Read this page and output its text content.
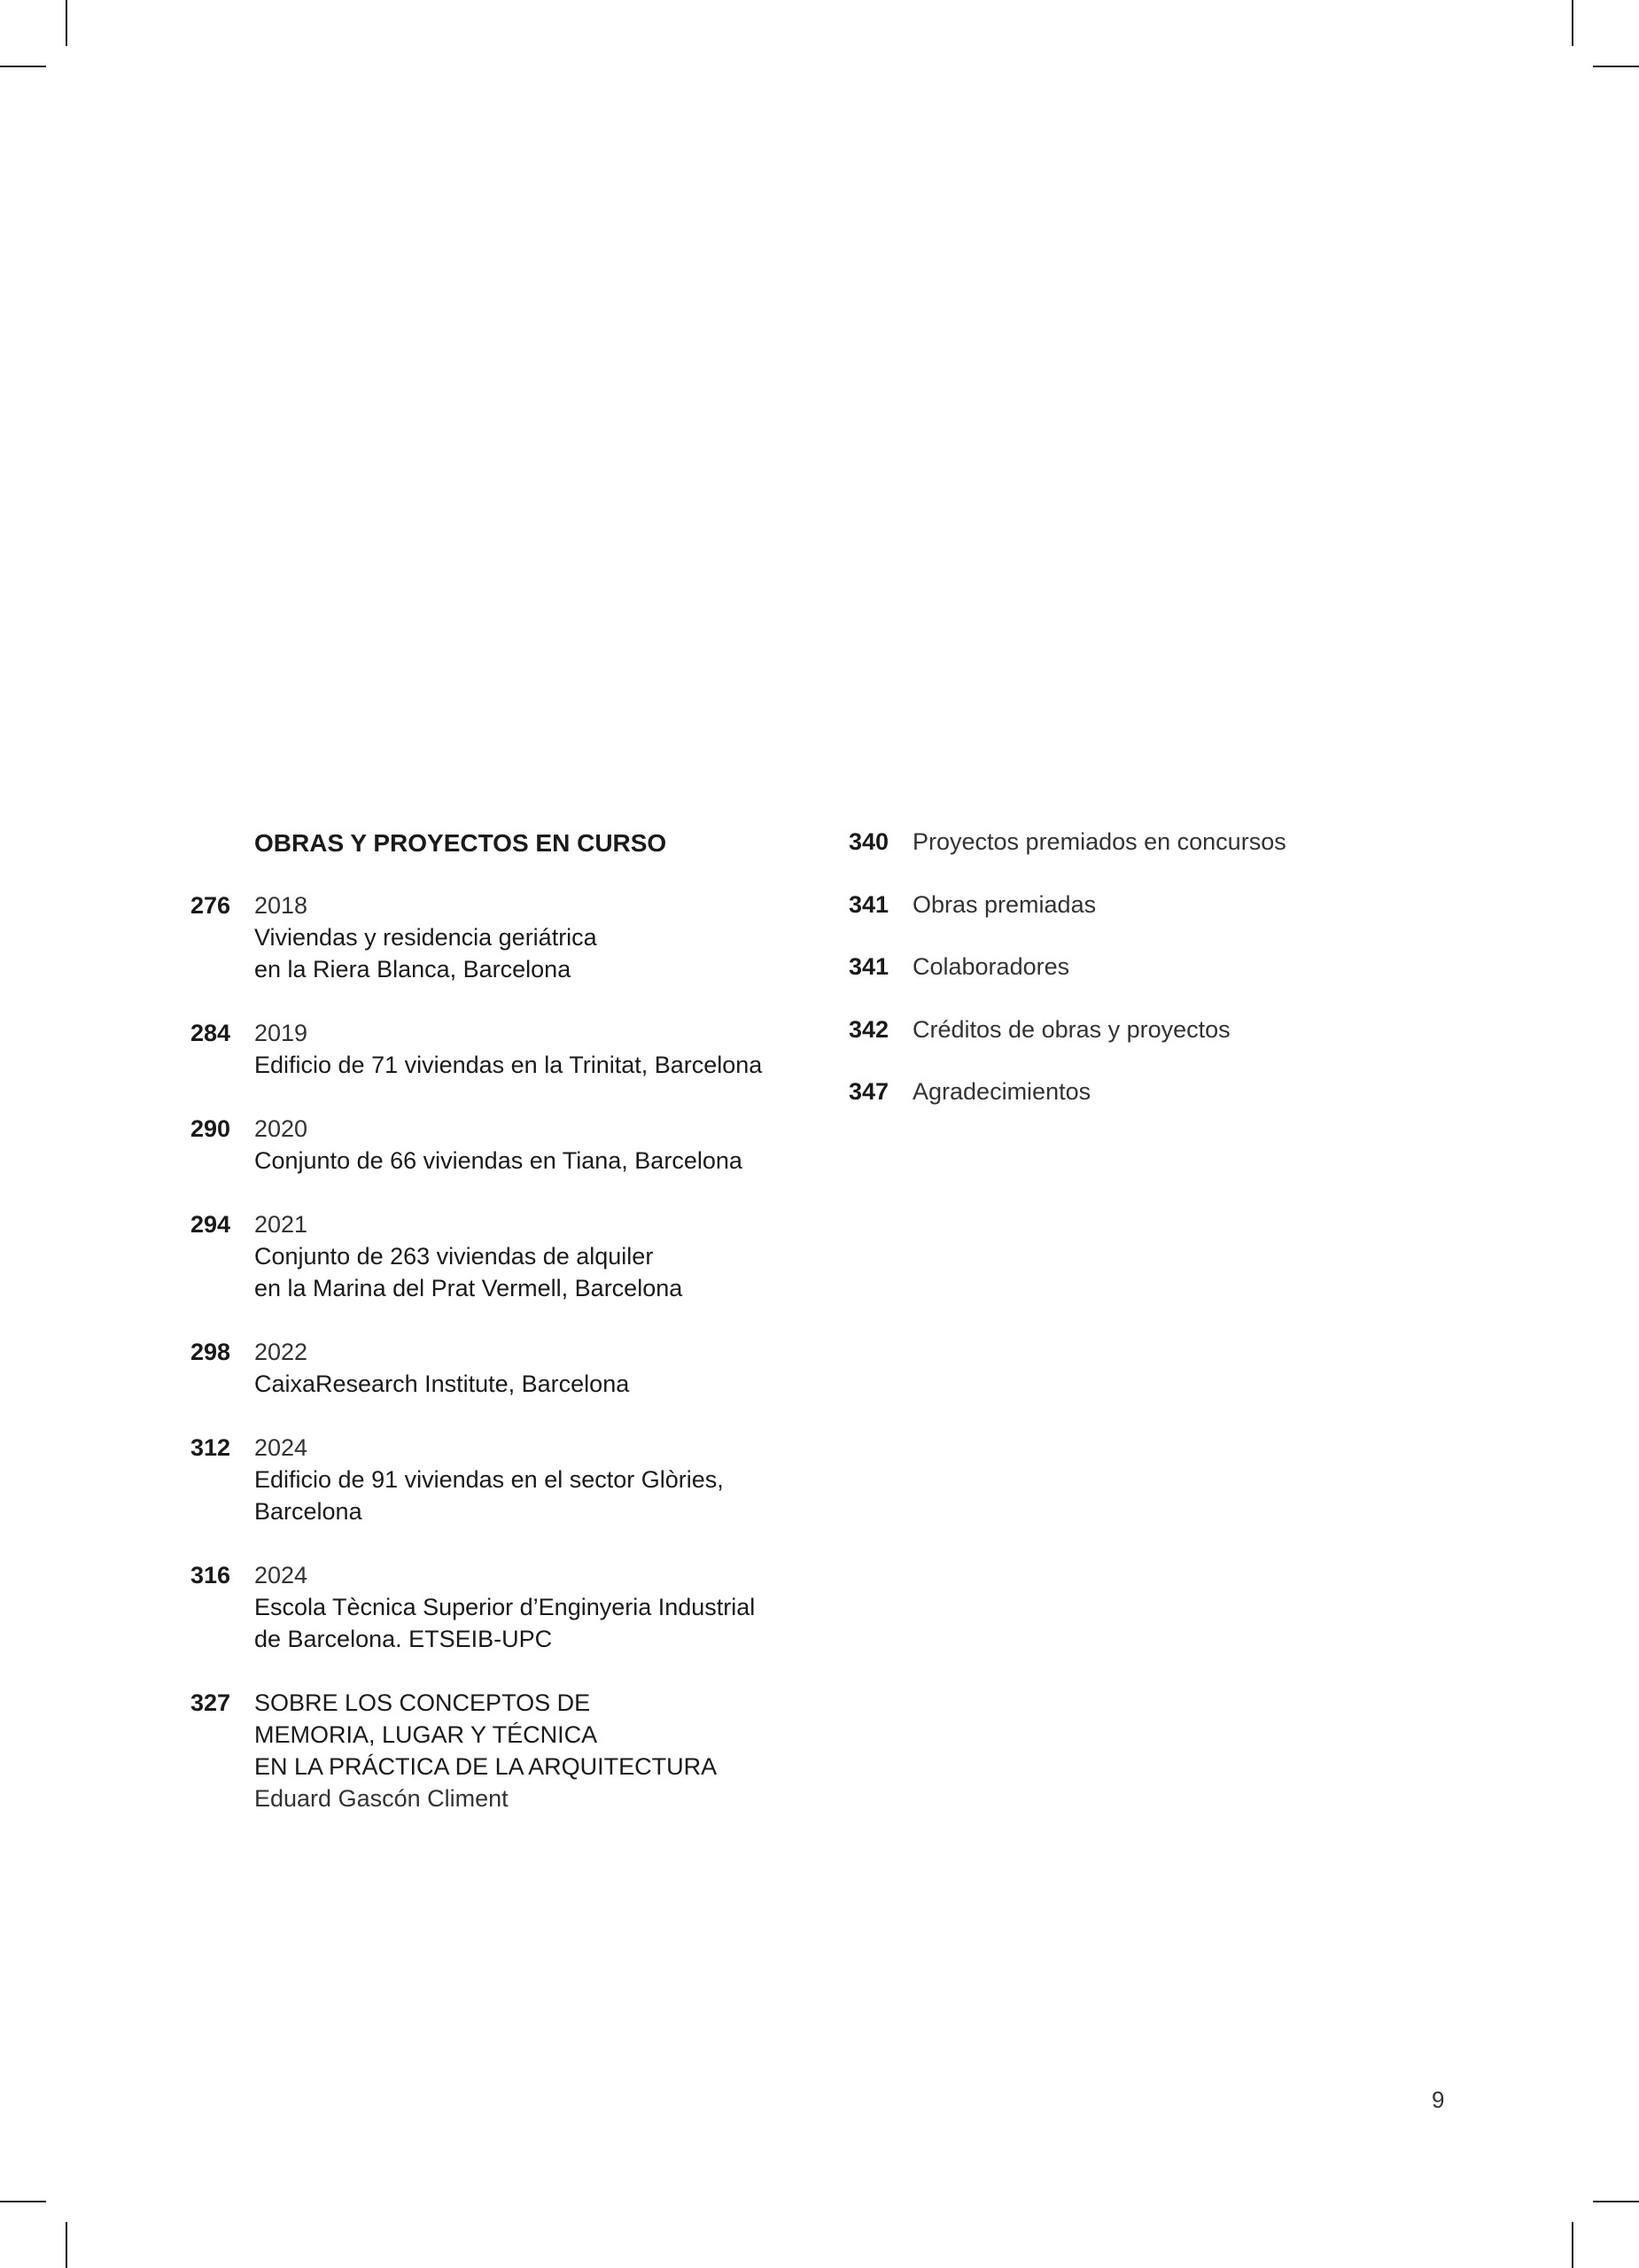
OBRAS Y PROYECTOS EN CURSO
276 2018
Viviendas y residencia geriátrica
en la Riera Blanca, Barcelona
284 2019
Edificio de 71 viviendas en la Trinitat, Barcelona
290 2020
Conjunto de 66 viviendas en Tiana, Barcelona
294 2021
Conjunto de 263 viviendas de alquiler
en la Marina del Prat Vermell, Barcelona
298 2022
CaixaResearch Institute, Barcelona
312 2024
Edificio de 91 viviendas en el sector Glòries,
Barcelona
316 2024
Escola Tècnica Superior d’Enginyeria Industrial
de Barcelona. ETSEIB-UPC
327 SOBRE LOS CONCEPTOS DE
MEMORIA, LUGAR Y TÉCNICA
EN LA PRÁCTICA DE LA ARQUITECTURA
Eduard Gascón Climent
340 Proyectos premiados en concursos
341 Obras premiadas
341 Colaboradores
342 Créditos de obras y proyectos
347 Agradecimientos
9
